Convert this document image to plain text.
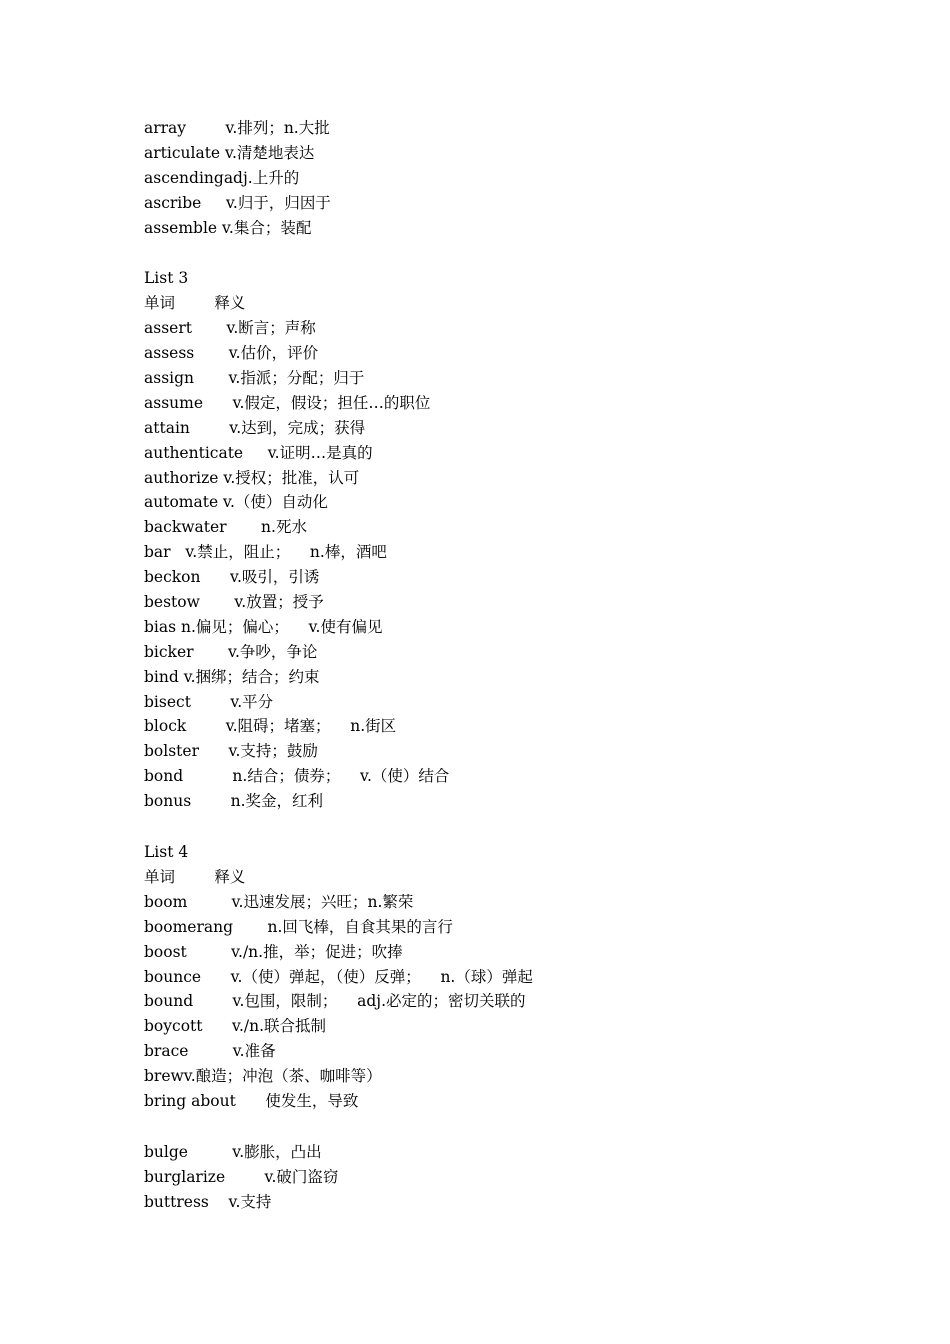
array        v.排列；n.大批
articulate v.清楚地表达
ascendingadj.上升的
ascribe     v.归于，归因于
assemble v.集合；装配
List 3
单词        释义
assert       v.断言；声称
assess       v.估价，评价
assign       v.指派；分配；归于
assume      v.假定，假设；担任…的职位
attain        v.达到，完成；获得
authenticate     v.证明…是真的
authorize v.授权；批准，认可
automate v.（使）自动化
backwater       n.死水
bar   v.禁止，阻止；    n.棒，酒吧
beckon      v.吸引，引诱
bestow       v.放置；授予
bias n.偏见；偏心；    v.使有偏见
bicker       v.争吵，争论
bind v.捆绑；结合；约束
bisect        v.平分
block        v.阻碍；堵塞；    n.街区
bolster      v.支持；鼓励
bond          n.结合；债券；    v.（使）结合
bonus        n.奖金，红利
List 4
单词        释义
boom         v.迅速发展；兴旺；n.繁荣
boomerang       n.回飞棒，自食其果的言行
boost         v./n.推，举；促进；吹捧
bounce      v.（使）弹起，（使）反弹；    n.（球）弹起
bound        v.包围，限制；    adj.必定的；密切关联的
boycott      v./n.联合抵制
brace         v.准备
brewv.酿造；冲泡（茶、咖啡等）
bring about      使发生，导致
bulge         v.膨胀，凸出
burglarize        v.破门盗窃
buttress    v.支持
